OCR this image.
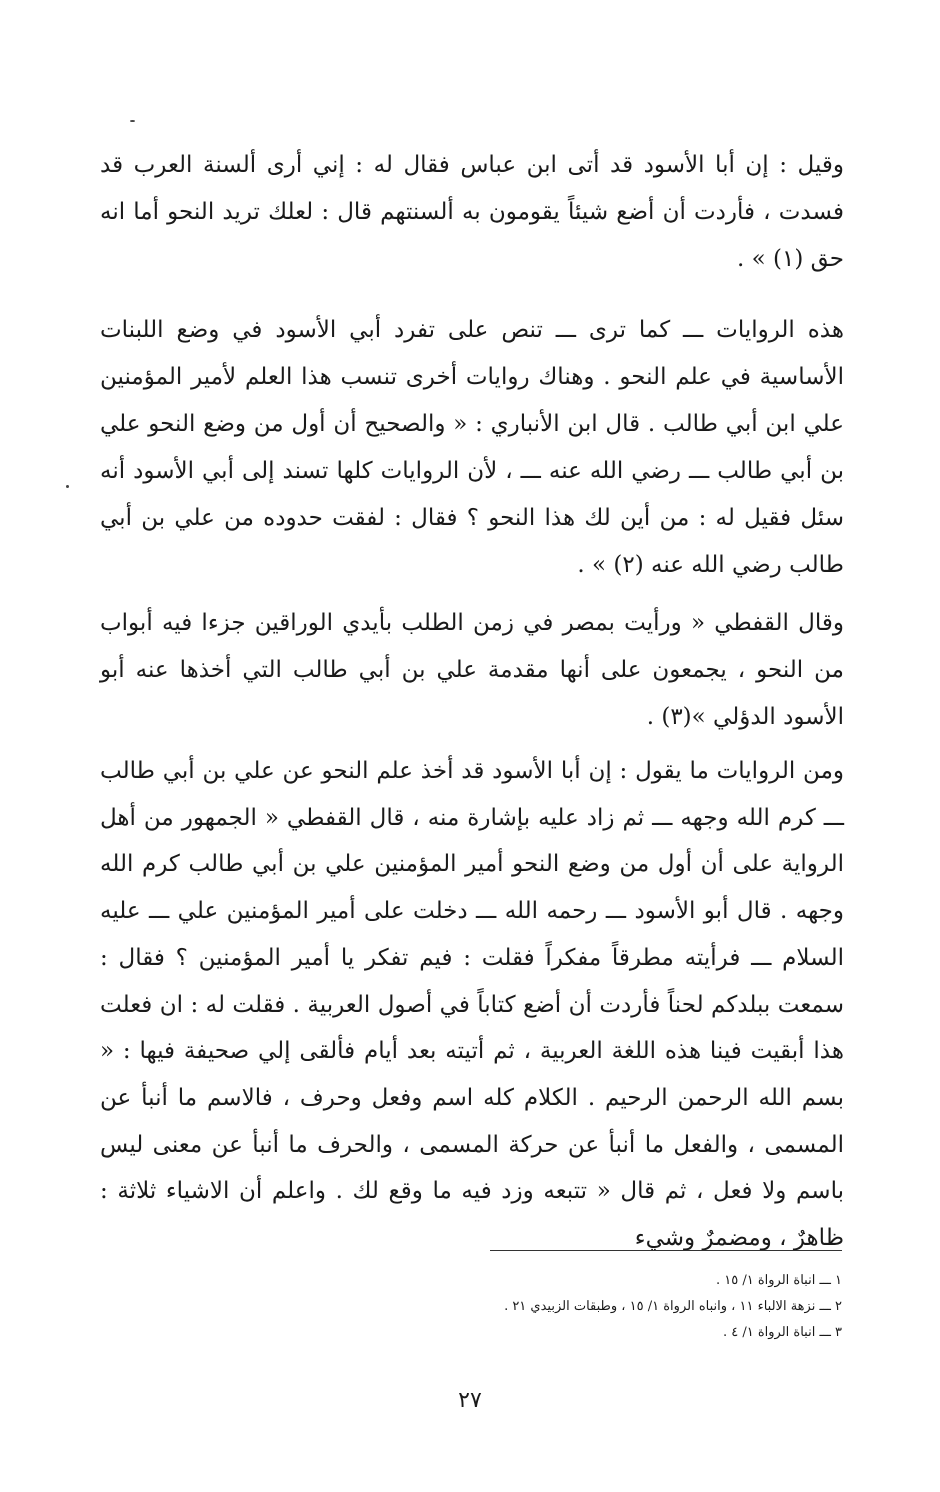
وقيل : إن أبا الأسود قد أتى ابن عباس فقال له : إني أرى ألسنة العرب قد فسدت ، فأردت أن أضع شيئاً يقومون به ألسنتهم قال : لعلك تريد النحو أما انه حق (١) » .

هذه الروايات ـــ كما ترى ـــ تنص على تفرد أبي الأسود في وضع اللبنات الأساسية في علم النحو . وهناك روايات أخرى تنسب هذا العلم لأمير المؤمنين علي ابن أبي طالب . قال ابن الأنباري : « والصحيح أن أول من وضع النحو علي بن أبي طالب ـــ رضي الله عنه ـــ ، لأن الروايات كلها تسند إلى أبي الأسود أنه سئل فقيل له : من أين لك هذا النحو ؟ فقال : لفقت حدوده من علي بن أبي طالب رضي الله عنه (٢) » .

وقال القفطي « ورأيت بمصر في زمن الطلب بأيدي الوراقين جزءا فيه أبواب من النحو ، يجمعون على أنها مقدمة علي بن أبي طالب التي أخذها عنه أبو الأسود الدؤلي »(٣) .

ومن الروايات ما يقول : إن أبا الأسود قد أخذ علم النحو عن علي بن أبي طالب ـــ كرم الله وجهه ـــ ثم زاد عليه بإشارة منه ، قال القفطي « الجمهور من أهل الرواية على أن أول من وضع النحو أمير المؤمنين علي بن أبي طالب كرم الله وجهه . قال أبو الأسود ـــ رحمه الله ـــ دخلت على أمير المؤمنين علي ـــ عليه السلام ـــ فرأيته مطرقاً مفكراً فقلت : فيم تفكر يا أمير المؤمنين ؟ فقال : سمعت ببلدكم لحناً فأردت أن أضع كتاباً في أصول العربية . فقلت له : ان فعلت هذا أبقيت فينا هذه اللغة العربية ، ثم أتيته بعد أيام فألقى إلي صحيفة فيها : « بسم الله الرحمن الرحيم . الكلام كله اسم وفعل وحرف ، فالاسم ما أنبأ عن المسمى ، والفعل ما أنبأ عن حركة المسمى ، والحرف ما أنبأ عن معنى ليس باسم ولا فعل ، ثم قال « تتبعه وزد فيه ما وقع لك . واعلم أن الاشياء ثلاثة : ظاهرٌ ، ومضمرٌ وشيء

١ ـــ انباة الرواة ١/ ١٥ .
٢ ـــ نزهة الالباء ١١ ، وانباه الرواة ١/ ١٥ ، وطبقات الزبيدي ٢١ .
٣ ـــ انباة الرواة ١/ ٤ .
٢٧
